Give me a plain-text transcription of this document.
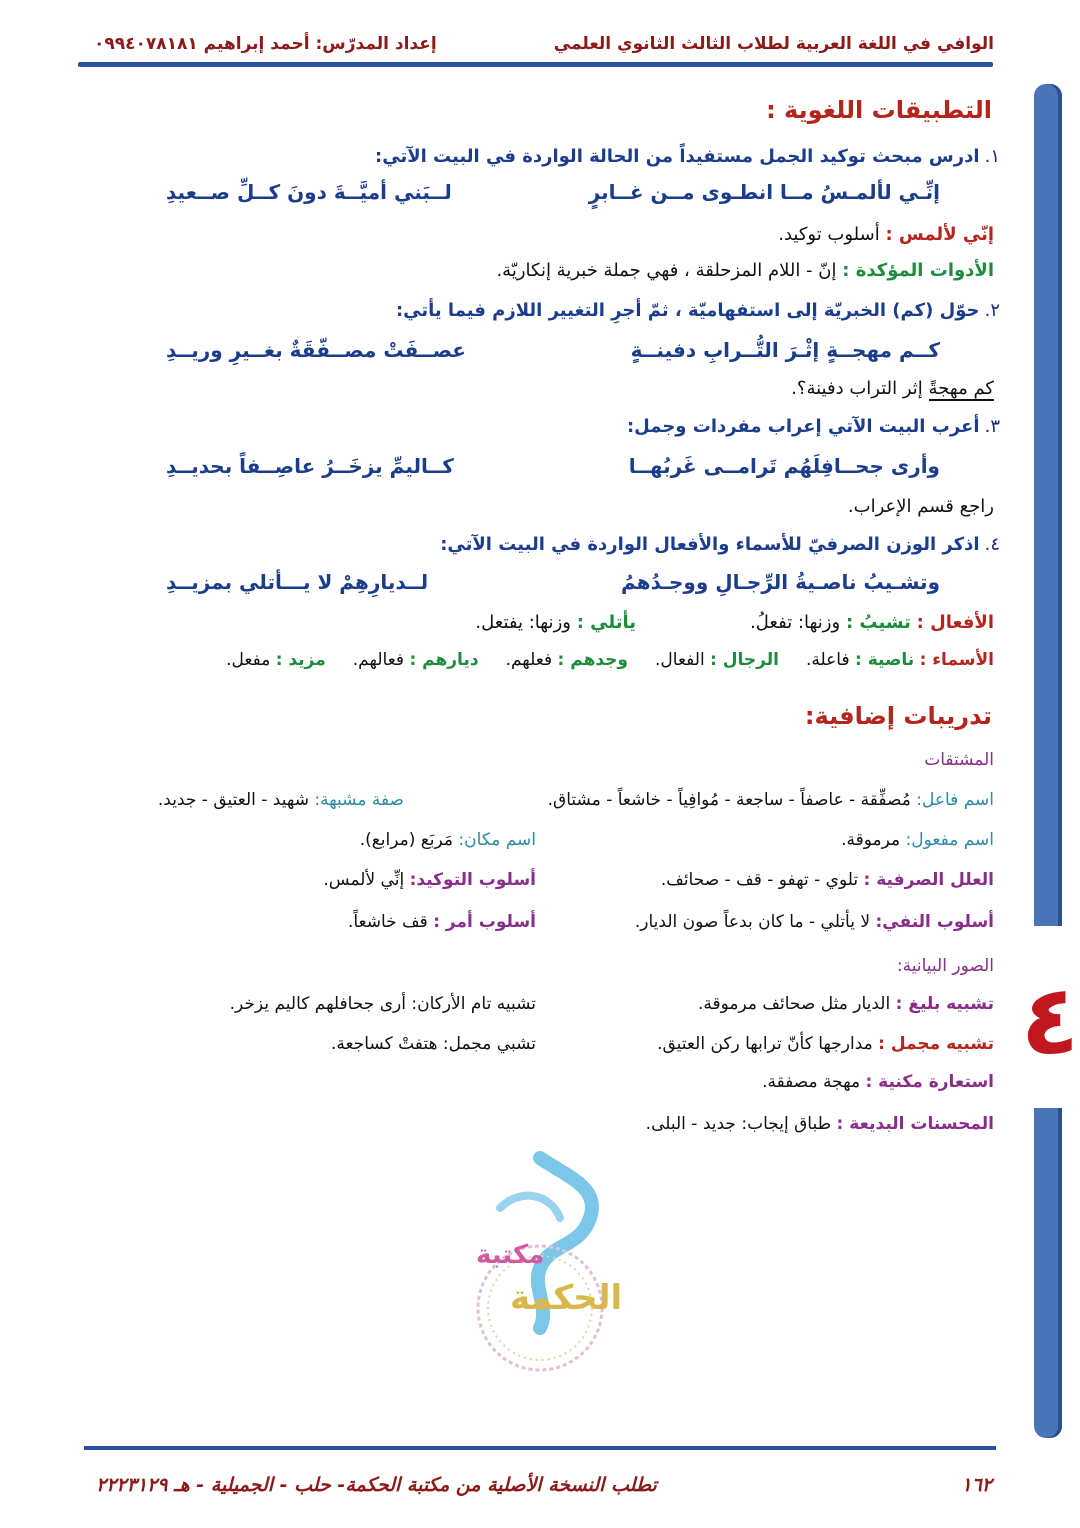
الوافي في اللغة العربية لطلاب الثالث الثانوي العلمي
إعداد المدرّس: أحمد إبراهيم ٠٩٩٤٠٧٨١٨١
٤
التطبيقات اللغوية :
١. ادرس مبحث توكيد الجمل مستفيداً من الحالة الواردة في البيت الآتي:
إنِّـي لألمـسُ مــا انطـوى مــن غــابرٍ
لــبَني أميَّــةَ دونَ كــلِّ صــعيدِ
إنّي لألمس : أسلوب توكيد.
الأدوات المؤكدة : إنّ - اللام المزحلقة ، فهي جملة خبرية إنكاريّة.
٢. حوّل (كم) الخبريّة إلى استفهاميّة ، ثمّ أجرِ التغيير اللازم فيما يأتي:
كــم مهجــةٍ إثْـرَ التُّــرابِ دفينــةٍ
عصــفَتْ مصــفّقَةٌ بغــيرِ وريــدِ
كم مهجةً إثر التراب دفينة؟.
٣. أعرب البيت الآتي إعراب مفردات وجمل:
وأرى جحــافِلَهُم تَرامــى غَربُهــا
كــاليمِّ يزخَــرُ عاصِــفاً بحديــدِ
راجع قسم الإعراب.
٤. اذكر الوزن الصرفيّ للأسماء والأفعال الواردة في البيت الآتي:
وتشـيبُ ناصـيةُ الرِّجـالِ ووجـدُهمُ
لــديارِهِمْ لا يـــأتلي بمزيــدِ
الأفعال : تشيبُ : وزنها: تفعلُ.
يأتلي : وزنها: يفتعل.
الأسماء : ناصية : فاعلة.     الرجال : الفعال.     وجدهم : فعلهم.     ديارهم : فعالهم.     مزيد : مفعل.
تدريبات إضافية:
المشتقات
اسم فاعل: مُصفِّقة - عاصفاً - ساجعة - مُوافِياً - خاشعاً - مشتاق.
صفة مشبهة: شهيد - العتيق - جديد.
اسم مفعول: مرموقة.
اسم مكان: مَربَع (مرابع).
العلل الصرفية : تلوي - تهفو - قف - صحائف.
أسلوب التوكيد: إنِّي لألمس.
أسلوب النفي: لا يأتلي - ما كان بدعاً صون الديار.
أسلوب أمر : قف خاشعاً.
الصور البيانية:
تشبيه بليغ : الديار مثل صحائف مرموقة.
تشبيه تام الأركان: أرى جحافلهم كاليم يزخر.
تشبيه مجمل : مدارجها كأنّ ترابها ركن العتيق.
تشبي مجمل: هتفتْ كساجعة.
استعارة مكنية : مهجة مصفقة.
المحسنات البديعة : طباق إيجاب: جديد - البلى.
مكتبة
الحكمة
١٦٢
تطلب النسخة الأصلية من مكتبة الحكمة- حلب - الجميلية - هـ ٢٢٢٣١٢٩
